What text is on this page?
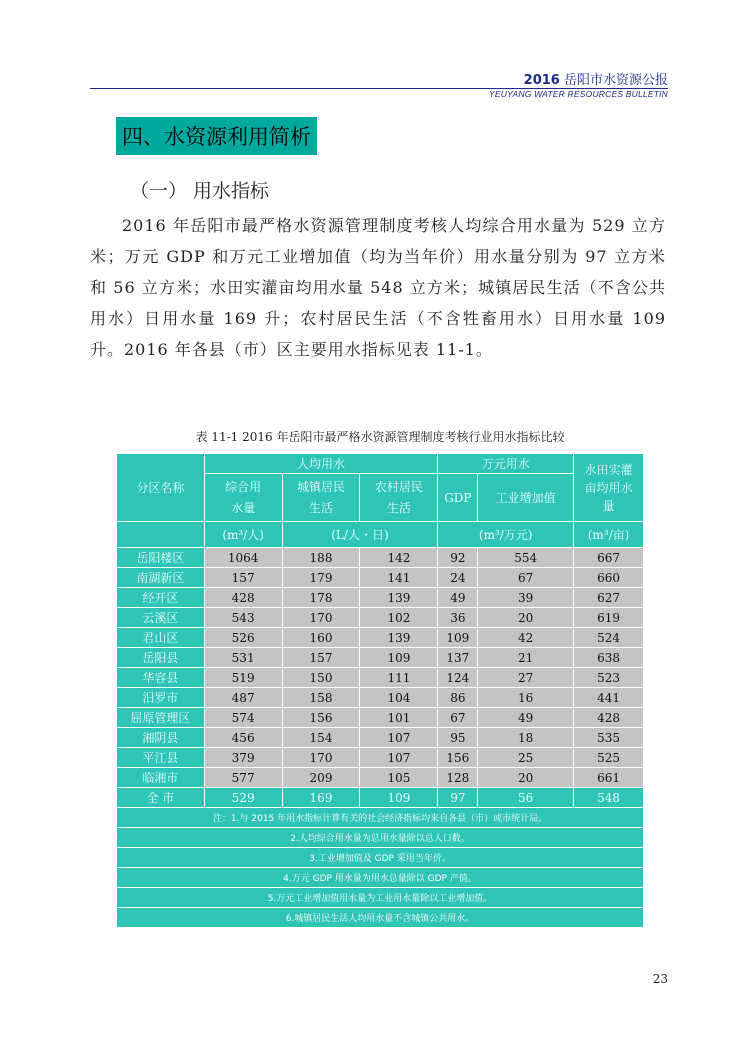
2016 岳阳市水资源公报
YEUYANG WATER RESOURCES BULLETIN
四、水资源利用简析
（一） 用水指标

2016 年岳阳市最严格水资源管理制度考核人均综合用水量为 529 立方米；万元 GDP 和万元工业增加值（均为当年价）用水量分别为 97 立方米和 56 立方米；水田实灌亩均用水量 548 立方米；城镇居民生活（不含公共用水）日用水量 169 升；农村居民生活（不含牲畜用水）日用水量 109 升。2016 年各县（市）区主要用水指标见表 11-1。

表 11-1 2016 年岳阳市最严格水资源管理制度考核行业用水指标比较
分区名称	人均用水			万元用水		水田实灌亩均用水量
	综合用水量	城镇居民生活	农村居民生活	GDP	工业增加值	
	(m³/人)	(L/人・日)		(m³/万元)		(m³/亩)
岳阳楼区	1064	188	142	92	554	667
南湖新区	157	179	141	24	67	660
经开区	428	178	139	49	39	627
云溪区	543	170	102	36	20	619
君山区	526	160	139	109	42	524
岳阳县	531	157	109	137	21	638
华容县	519	150	111	124	27	523
汨罗市	487	158	104	86	16	441
屈原管理区	574	156	101	67	49	428
湘阴县	456	154	107	95	18	535
平江县	379	170	107	156	25	525
临湘市	577	209	105	128	20	661
全 市	529	169	109	97	56	548
注：1.与 2015 年用水指标计算有关的社会经济指标均来自各县（市）或市统计局。						
2.人均综合用水量为总用水量除以总人口数。						
3.工业增加值及 GDP 采用当年价。						
4.万元 GDP 用水量为用水总量除以 GDP 产值。						
5.万元工业增加值用水量为工业用水量除以工业增加值。						
6.城镇居民生活人均用水量不含城镇公共用水。						
23
